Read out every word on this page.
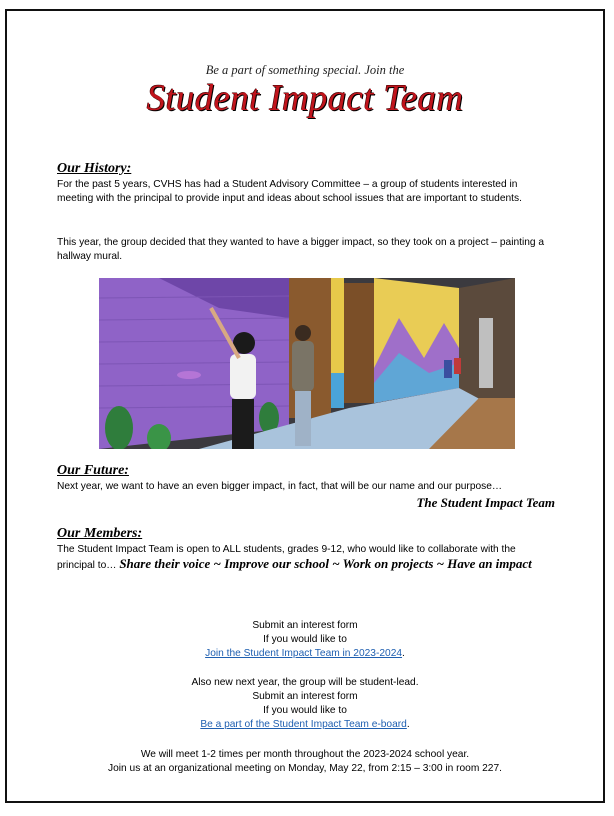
Be a part of something special. Join the
Student Impact Team
Our History:
For the past 5 years, CVHS has had a Student Advisory Committee – a group of students interested in meeting with the principal to provide input and ideas about school issues that are important to students.
This year, the group decided that they wanted to have a bigger impact, so they took on a project – painting a hallway mural.
Our Future:
Next year, we want to have an even bigger impact, in fact, that will be our name and our purpose…
The Student Impact Team
Our Members:
The Student Impact Team is open to ALL students, grades 9-12, who would like to collaborate with the principal to… Share their voice ~ Improve our school ~ Work on projects ~ Have an impact
Submit an interest form
If you would like to
Join the Student Impact Team in 2023-2024.
Also new next year, the group will be student-lead.
Submit an interest form
If you would like to
Be a part of the Student Impact Team e-board.
We will meet 1-2 times per month throughout the 2023-2024 school year.
Join us at an organizational meeting on Monday, May 22, from 2:15 – 3:00 in room 227.
